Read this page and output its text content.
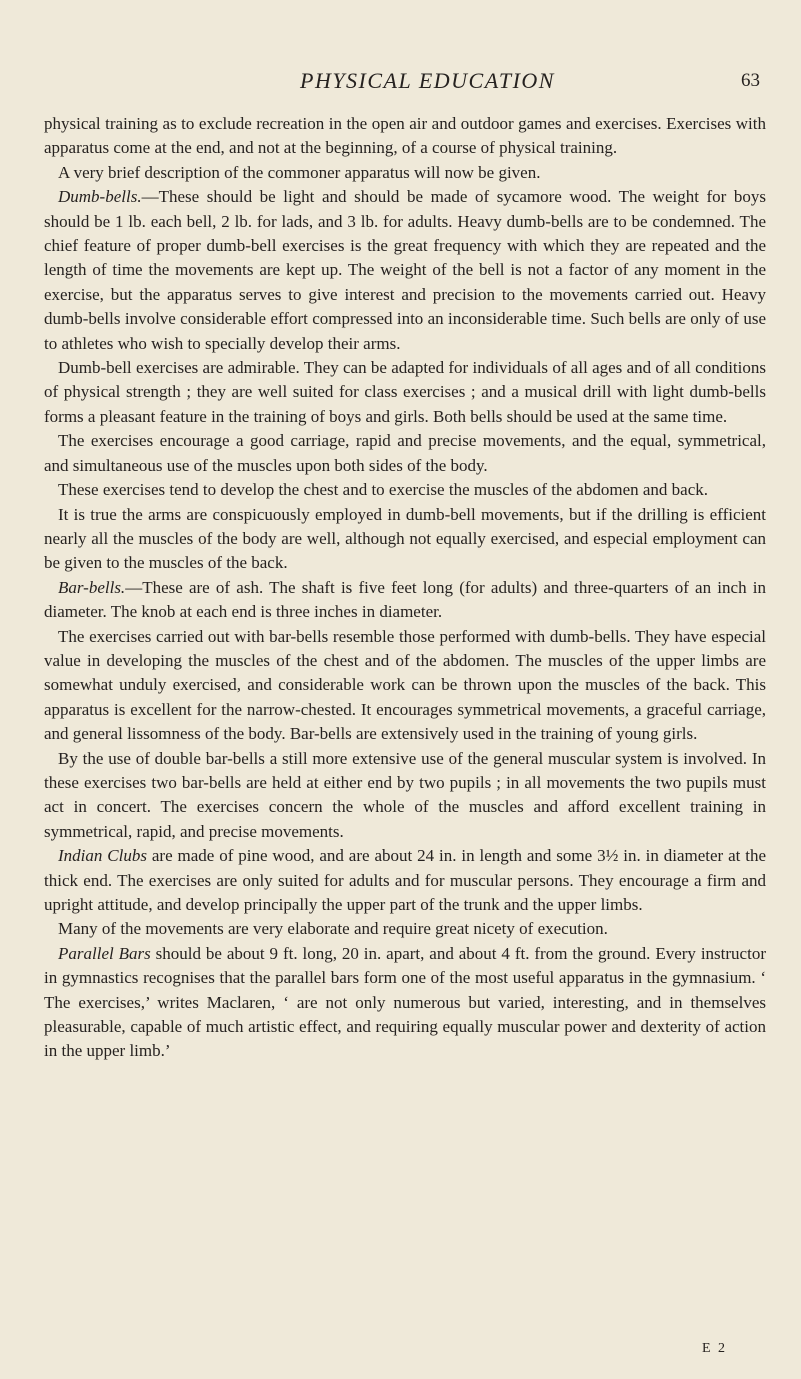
PHYSICAL EDUCATION	63

physical training as to exclude recreation in the open air and outdoor games and exercises. Exercises with apparatus come at the end, and not at the beginning, of a course of physical training.

A very brief description of the commoner apparatus will now be given.

Dumb-bells.—These should be light and should be made of sycamore wood. The weight for boys should be 1 lb. each bell, 2 lb. for lads, and 3 lb. for adults. Heavy dumb-bells are to be condemned. The chief feature of proper dumb-bell exercises is the great frequency with which they are repeated and the length of time the movements are kept up. The weight of the bell is not a factor of any moment in the exercise, but the apparatus serves to give interest and precision to the movements carried out. Heavy dumb-bells involve considerable effort compressed into an inconsiderable time. Such bells are only of use to athletes who wish to specially develop their arms.

Dumb-bell exercises are admirable. They can be adapted for individuals of all ages and of all conditions of physical strength ; they are well suited for class exercises ; and a musical drill with light dumb-bells forms a pleasant feature in the training of boys and girls. Both bells should be used at the same time.

The exercises encourage a good carriage, rapid and precise movements, and the equal, symmetrical, and simultaneous use of the muscles upon both sides of the body.

These exercises tend to develop the chest and to exercise the muscles of the abdomen and back.

It is true the arms are conspicuously employed in dumb-bell movements, but if the drilling is efficient nearly all the muscles of the body are well, although not equally exercised, and especial employment can be given to the muscles of the back.

Bar-bells.—These are of ash. The shaft is five feet long (for adults) and three-quarters of an inch in diameter. The knob at each end is three inches in diameter.

The exercises carried out with bar-bells resemble those performed with dumb-bells. They have especial value in developing the muscles of the chest and of the abdomen. The muscles of the upper limbs are somewhat unduly exercised, and considerable work can be thrown upon the muscles of the back. This apparatus is excellent for the narrow-chested. It encourages symmetrical movements, a graceful carriage, and general lissomness of the body. Bar-bells are extensively used in the training of young girls.

By the use of double bar-bells a still more extensive use of the general muscular system is involved. In these exercises two bar-bells are held at either end by two pupils ; in all movements the two pupils must act in concert. The exercises concern the whole of the muscles and afford excellent training in symmetrical, rapid, and precise movements.

Indian Clubs are made of pine wood, and are about 24 in. in length and some 3½ in. in diameter at the thick end. The exercises are only suited for adults and for muscular persons. They encourage a firm and upright attitude, and develop principally the upper part of the trunk and the upper limbs.

Many of the movements are very elaborate and require great nicety of execution.

Parallel Bars should be about 9 ft. long, 20 in. apart, and about 4 ft. from the ground. Every instructor in gymnastics recognises that the parallel bars form one of the most useful apparatus in the gymnasium. ‘ The exercises,’ writes Maclaren, ‘ are not only numerous but varied, interesting, and in themselves pleasurable, capable of much artistic effect, and requiring equally muscular power and dexterity of action in the upper limb.’

E 2
